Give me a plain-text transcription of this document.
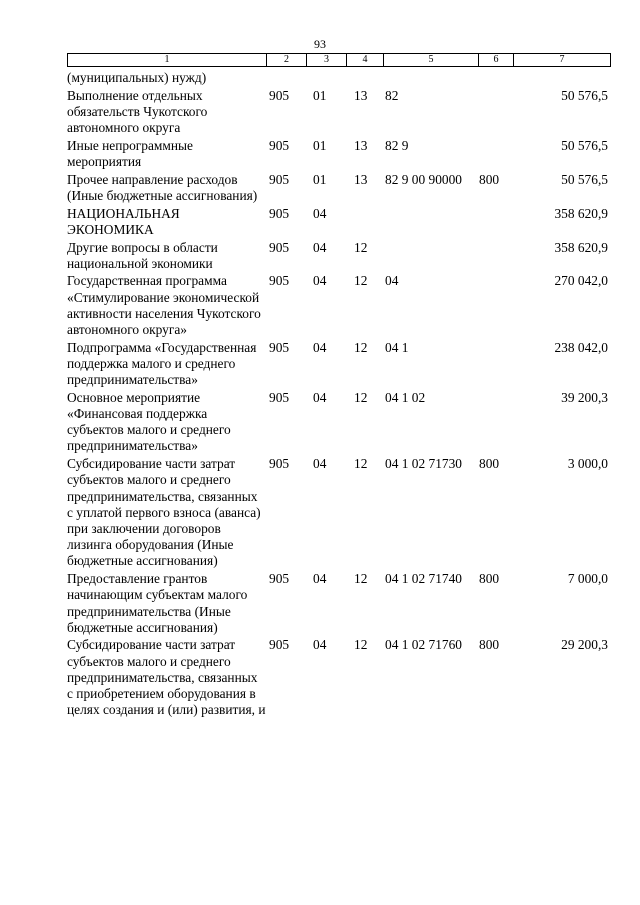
93
1	2	3	4	5	6	7
(муниципальных) нужд)						
Выполнение отдельных обязательств Чукотского автономного округа	905	01	13	82		50 576,5
Иные непрограммные мероприятия	905	01	13	82 9		50 576,5
Прочее направление расходов (Иные бюджетные ассигнования)	905	01	13	82 9 00 90000	800	50 576,5
НАЦИОНАЛЬНАЯ ЭКОНОМИКА	905	04				358 620,9
Другие вопросы в области национальной экономики	905	04	12			358 620,9
Государственная программа «Стимулирование экономической активности населения Чукотского автономного округа»	905	04	12	04		270 042,0
Подпрограмма «Государственная поддержка малого и среднего предпринимательства»	905	04	12	04 1		238 042,0
Основное мероприятие «Финансовая поддержка субъектов малого и среднего предпринимательства»	905	04	12	04 1 02		39 200,3
Субсидирование части затрат субъектов малого и среднего предпринимательства, связанных с уплатой первого взноса (аванса) при заключении договоров лизинга оборудования (Иные бюджетные ассигнования)	905	04	12	04 1 02 71730	800	3 000,0
Предоставление грантов начинающим субъектам малого предпринимательства (Иные бюджетные ассигнования)	905	04	12	04 1 02 71740	800	7 000,0
Субсидирование части затрат субъектов малого и среднего предпринимательства, связанных с приобретением оборудования в целях создания и (или) развития, и	905	04	12	04 1 02 71760	800	29 200,3
